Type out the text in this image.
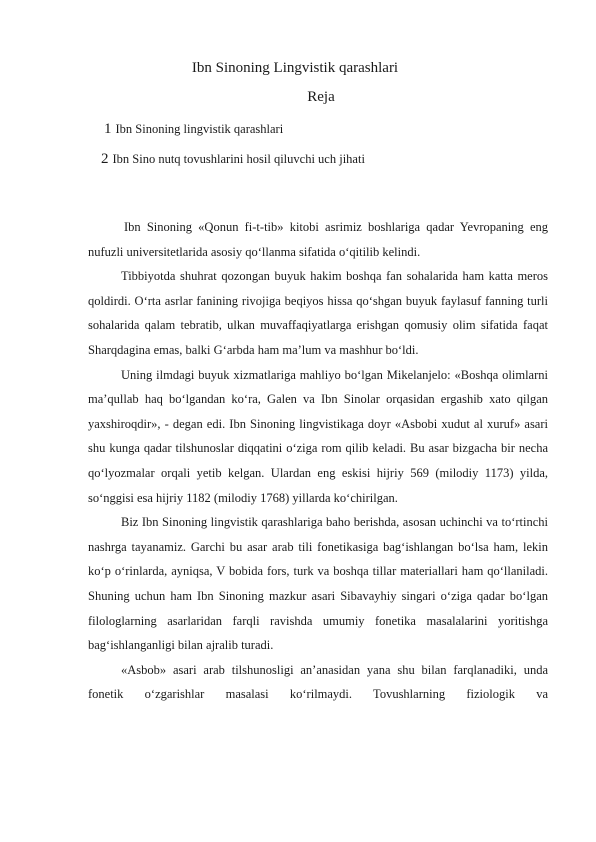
Ibn Sinoning Lingvistik qarashlari
Reja
1 Ibn Sinoning lingvistik qarashlari
2 Ibn Sino nutq tovushlarini hosil qiluvchi uch jihati

Ibn Sinoning «Qonun fi-t-tib» kitobi asrimiz boshlariga qadar Yevropaning eng nufuzli universitetlarida asosiy qo‘llanma sifatida o‘qitilib kelindi.

Tibbiyotda shuhrat qozongan buyuk hakim boshqa fan sohalarida ham katta meros qoldirdi. O‘rta asrlar fanining rivojiga beqiyos hissa qo‘shgan buyuk faylasuf fanning turli sohalarida qalam tebratib, ulkan muvaffaqiyatlarga erishgan qomusiy olim sifatida faqat Sharqdagina emas, balki G‘arbda ham ma’lum va mashhur bo‘ldi.

Uning ilmdagi buyuk xizmatlariga mahliyo bo‘lgan Mikelanjelo: «Boshqa olimlarni ma’qullab haq bo‘lgandan ko‘ra, Galen va Ibn Sinolar orqasidan ergashib xato qilgan yaxshiroqdir», - degan edi. Ibn Sinoning lingvistikaga doyr «Asbobi xudut al xuruf» asari shu kunga qadar tilshunoslar diqqatini o‘ziga rom qilib keladi. Bu asar bizgacha bir necha qo‘lyozmalar orqali yetib kelgan. Ulardan eng eskisi hijriy 569 (milodiy 1173) yilda, so‘nggisi esa hijriy 1182 (milodiy 1768) yillarda ko‘chirilgan.

Biz Ibn Sinoning lingvistik qarashlariga baho berishda, asosan uchinchi va to‘rtinchi nashrga tayanamiz. Garchi bu asar arab tili fonetikasiga bag‘ishlangan bo‘lsa ham, lekin ko‘p o‘rinlarda, ayniqsa, V bobida fors, turk va boshqa tillar materiallari ham qo‘llaniladi. Shuning uchun ham Ibn Sinoning mazkur asari Sibavayhiy singari o‘ziga qadar bo‘lgan filologlarning asarlaridan farqli ravishda umumiy fonetika masalalarini yoritishga bag‘ishlanganligi bilan ajralib turadi.

«Asbob» asari arab tilshunosligi an’anasidan yana shu bilan farqlanadiki, unda fonetik o‘zgarishlar masalasi ko‘rilmaydi. Tovushlarning fiziologik va
